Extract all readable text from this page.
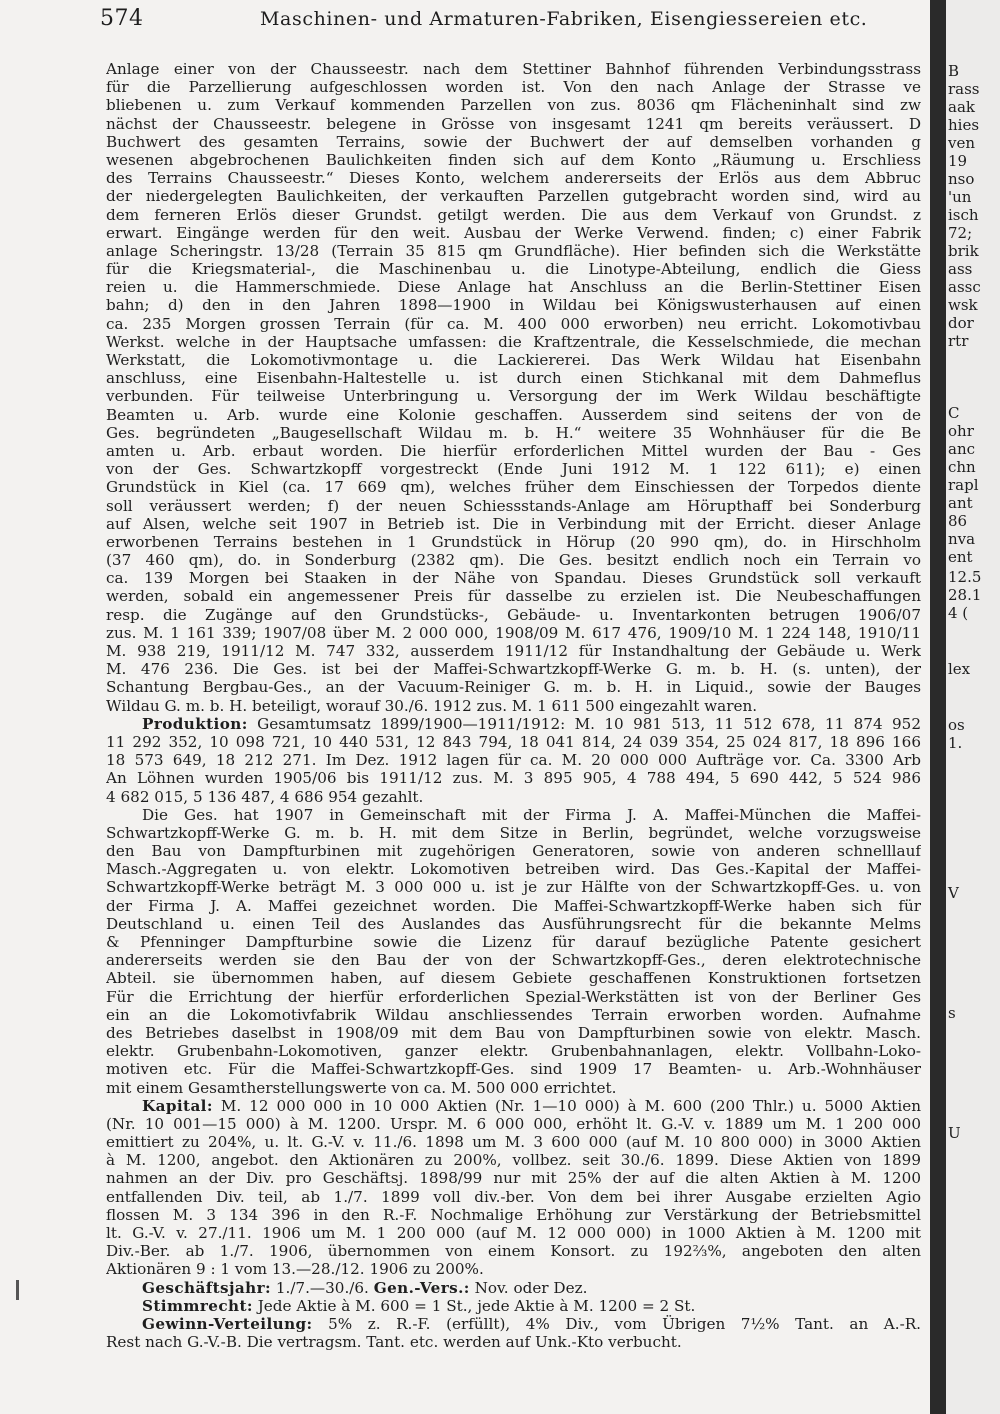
574	Maschinen- und Armaturen-Fabriken, Eisengiessereien etc.
Anlage einer von der Chausseestr. nach dem Stettiner Bahnhof führenden Verbindungsstrass
für die Parzellierung aufgeschlossen worden ist. Von den nach Anlage der Strasse ve
bliebenen u. zum Verkauf kommenden Parzellen von zus. 8036 qm Flächeninhalt sind zw
nächst der Chausseestr. belegene in Grösse von insgesamt 1241 qm bereits veräussert. D
Buchwert des gesamten Terrains, sowie der Buchwert der auf demselben vorhanden g
wesenen abgebrochenen Baulichkeiten finden sich auf dem Konto „Räumung u. Erschliess
des Terrains Chausseestr.“ Dieses Konto, welchem andererseits der Erlös aus dem Abbruc
der niedergelegten Baulichkeiten, der verkauften Parzellen gutgebracht worden sind, wird au
dem ferneren Erlös dieser Grundst. getilgt werden. Die aus dem Verkauf von Grundst. z
erwart. Eingänge werden für den weit. Ausbau der Werke Verwend. finden; c) einer Fabrik
anlage Scheringstr. 13/28 (Terrain 35 815 qm Grundfläche). Hier befinden sich die Werkstätte
für die Kriegsmaterial-, die Maschinenbau u. die Linotype-Abteilung, endlich die Giess
reien u. die Hammerschmiede. Diese Anlage hat Anschluss an die Berlin-Stettiner Eisen
bahn; d) den in den Jahren 1898—1900 in Wildau bei Königswusterhausen auf einen
ca. 235 Morgen grossen Terrain (für ca. M. 400 000 erworben) neu erricht. Lokomotivbau
Werkst. welche in der Hauptsache umfassen: die Kraftzentrale, die Kesselschmiede, die mechan
Werkstatt, die Lokomotivmontage u. die Lackiererei. Das Werk Wildau hat Eisenbahn
anschluss, eine Eisenbahn-Haltestelle u. ist durch einen Stichkanal mit dem Dahmeflus
verbunden. Für teilweise Unterbringung u. Versorgung der im Werk Wildau beschäftigte
Beamten u. Arb. wurde eine Kolonie geschaffen. Ausserdem sind seitens der von de
Ges. begründeten „Baugesellschaft Wildau m. b. H.“ weitere 35 Wohnhäuser für die Be
amten u. Arb. erbaut worden. Die hierfür erforderlichen Mittel wurden der Bau - Ges
von der Ges. Schwartzkopff vorgestreckt (Ende Juni 1912 M. 1 122 611); e) einen
Grundstück in Kiel (ca. 17 669 qm), welches früher dem Einschiessen der Torpedos diente
soll veräussert werden; f) der neuen Schiessstands-Anlage am Hörupthaff bei Sonderburg
auf Alsen, welche seit 1907 in Betrieb ist. Die in Verbindung mit der Erricht. dieser Anlage
erworbenen Terrains bestehen in 1 Grundstück in Hörup (20 990 qm), do. in Hirschholm
(37 460 qm), do. in Sonderburg (2382 qm). Die Ges. besitzt endlich noch ein Terrain vo
ca. 139 Morgen bei Staaken in der Nähe von Spandau. Dieses Grundstück soll verkauft
werden, sobald ein angemessener Preis für dasselbe zu erzielen ist. Die Neubeschaffungen
resp. die Zugänge auf den Grundstücks-, Gebäude- u. Inventarkonten betrugen 1906/07
zus. M. 1 161 339; 1907/08 über M. 2 000 000, 1908/09 M. 617 476, 1909/10 M. 1 224 148, 1910/11
M. 938 219, 1911/12 M. 747 332, ausserdem 1911/12 für Instandhaltung der Gebäude u. Werk
M. 476 236. Die Ges. ist bei der Maffei-Schwartzkopff-Werke G. m. b. H. (s. unten), der
Schantung Bergbau-Ges., an der Vacuum-Reiniger G. m. b. H. in Liquid., sowie der Bauges
Wildau G. m. b. H. beteiligt, worauf 30./6. 1912 zus. M. 1 611 500 eingezahlt waren.
Produktion: Gesamtumsatz 1899/1900—1911/1912: M. 10 981 513, 11 512 678, 11 874 952
11 292 352, 10 098 721, 10 440 531, 12 843 794, 18 041 814, 24 039 354, 25 024 817, 18 896 166
18 573 649, 18 212 271. Im Dez. 1912 lagen für ca. M. 20 000 000 Aufträge vor. Ca. 3300 Arb
An Löhnen wurden 1905/06 bis 1911/12 zus. M. 3 895 905, 4 788 494, 5 690 442, 5 524 986
4 682 015, 5 136 487, 4 686 954 gezahlt.
Die Ges. hat 1907 in Gemeinschaft mit der Firma J. A. Maffei-München die Maffei-
Schwartzkopff-Werke G. m. b. H. mit dem Sitze in Berlin, begründet, welche vorzugsweise
den Bau von Dampfturbinen mit zugehörigen Generatoren, sowie von anderen schnelllauf
Masch.-Aggregaten u. von elektr. Lokomotiven betreiben wird. Das Ges.-Kapital der Maffei-
Schwartzkopff-Werke beträgt M. 3 000 000 u. ist je zur Hälfte von der Schwartzkopff-Ges. u. von
der Firma J. A. Maffei gezeichnet worden. Die Maffei-Schwartzkopff-Werke haben sich für
Deutschland u. einen Teil des Auslandes das Ausführungsrecht für die bekannte Melms
& Pfenninger Dampfturbine sowie die Lizenz für darauf bezügliche Patente gesichert
andererseits werden sie den Bau der von der Schwartzkopff-Ges., deren elektrotechnische
Abteil. sie übernommen haben, auf diesem Gebiete geschaffenen Konstruktionen fortsetzen
Für die Errichtung der hierfür erforderlichen Spezial-Werkstätten ist von der Berliner Ges
ein an die Lokomotivfabrik Wildau anschliessendes Terrain erworben worden. Aufnahme
des Betriebes daselbst in 1908/09 mit dem Bau von Dampfturbinen sowie von elektr. Masch.
elektr. Grubenbahn-Lokomotiven, ganzer elektr. Grubenbahnanlagen, elektr. Vollbahn-Loko-
motiven etc. Für die Maffei-Schwartzkopff-Ges. sind 1909 17 Beamten- u. Arb.-Wohnhäuser
mit einem Gesamtherstellungswerte von ca. M. 500 000 errichtet.
Kapital: M. 12 000 000 in 10 000 Aktien (Nr. 1—10 000) à M. 600 (200 Thlr.) u. 5000 Aktien
(Nr. 10 001—15 000) à M. 1200. Urspr. M. 6 000 000, erhöht lt. G.-V. v. 1889 um M. 1 200 000
emittiert zu 204%, u. lt. G.-V. v. 11./6. 1898 um M. 3 600 000 (auf M. 10 800 000) in 3000 Aktien
à M. 1200, angebot. den Aktionären zu 200%, vollbez. seit 30./6. 1899. Diese Aktien von 1899
nahmen an der Div. pro Geschäftsj. 1898/99 nur mit 25% der auf die alten Aktien à M. 1200
entfallenden Div. teil, ab 1./7. 1899 voll div.-ber. Von dem bei ihrer Ausgabe erzielten Agio
flossen M. 3 134 396 in den R.-F. Nochmalige Erhöhung zur Verstärkung der Betriebsmittel
lt. G.-V. v. 27./11. 1906 um M. 1 200 000 (auf M. 12 000 000) in 1000 Aktien à M. 1200 mit
Div.-Ber. ab 1./7. 1906, übernommen von einem Konsort. zu 192⅔%, angeboten den alten
Aktionären 9 : 1 vom 13.—28./12. 1906 zu 200%.
Geschäftsjahr: 1./7.—30./6. Gen.-Vers.: Nov. oder Dez.
Stimmrecht: Jede Aktie à M. 600 = 1 St., jede Aktie à M. 1200 = 2 St.
Gewinn-Verteilung: 5% z. R.-F. (erfüllt), 4% Div., vom Übrigen 7½% Tant. an A.-R.
Rest nach G.-V.-B. Die vertragsm. Tant. etc. werden auf Unk.-Kto verbucht.
B
rass
aak
hies
ven
19
nso
'un
isch
72;
brik
ass
assc
wsk
dor
rtr
C
ohr
anc
chn
rapl
ant
86
nva
ent
12.5
28.1
4 (
lex
os
1.
V
s
U
